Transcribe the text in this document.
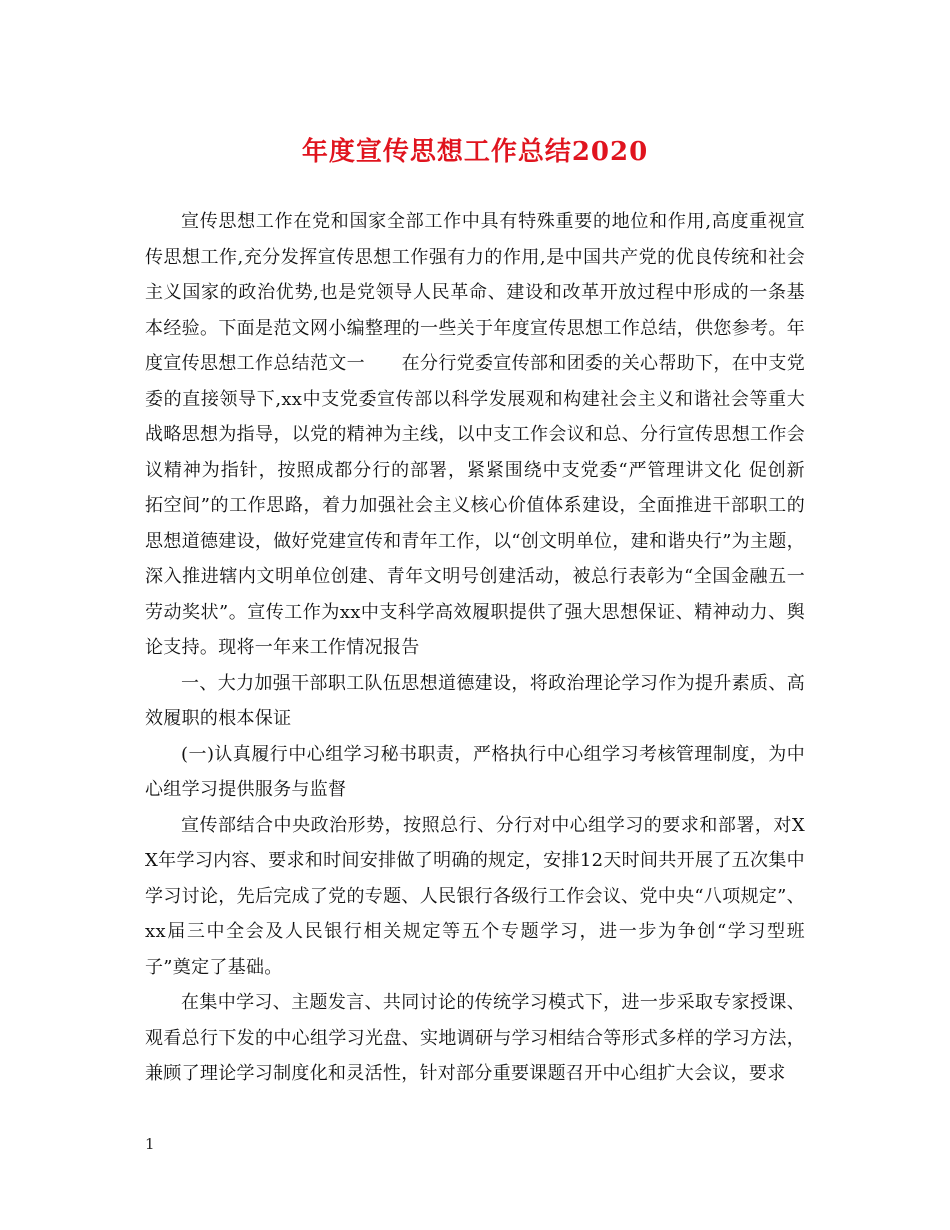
年度宣传思想工作总结2020

宣传思想工作在党和国家全部工作中具有特殊重要的地位和作用,高度重视宣传思想工作,充分发挥宣传思想工作强有力的作用,是中国共产党的优良传统和社会主义国家的政治优势,也是党领导人民革命、建设和改革开放过程中形成的一条基本经验。下面是范文网小编整理的一些关于年度宣传思想工作总结，供您参考。年度宣传思想工作总结范文一　　在分行党委宣传部和团委的关心帮助下，在中支党委的直接领导下,xx中支党委宣传部以科学发展观和构建社会主义和谐社会等重大战略思想为指导，以党的精神为主线，以中支工作会议和总、分行宣传思想工作会议精神为指针，按照成都分行的部署，紧紧围绕中支党委“严管理讲文化 促创新 拓空间”的工作思路，着力加强社会主义核心价值体系建设，全面推进干部职工的思想道德建设，做好党建宣传和青年工作，以“创文明单位，建和谐央行”为主题，深入推进辖内文明单位创建、青年文明号创建活动，被总行表彰为“全国金融五一劳动奖状”。宣传工作为xx中支科学高效履职提供了强大思想保证、精神动力、舆论支持。现将一年来工作情况报告

一、大力加强干部职工队伍思想道德建设，将政治理论学习作为提升素质、高效履职的根本保证

(一)认真履行中心组学习秘书职责，严格执行中心组学习考核管理制度，为中心组学习提供服务与监督

宣传部结合中央政治形势，按照总行、分行对中心组学习的要求和部署，对XX年学习内容、要求和时间安排做了明确的规定，安排12天时间共开展了五次集中学习讨论，先后完成了党的专题、人民银行各级行工作会议、党中央“八项规定”、xx届三中全会及人民银行相关规定等五个专题学习，进一步为争创“学习型班子”奠定了基础。

在集中学习、主题发言、共同讨论的传统学习模式下，进一步采取专家授课、观看总行下发的中心组学习光盘、实地调研与学习相结合等形式多样的学习方法，兼顾了理论学习制度化和灵活性，针对部分重要课题召开中心组扩大会议，要求

1
